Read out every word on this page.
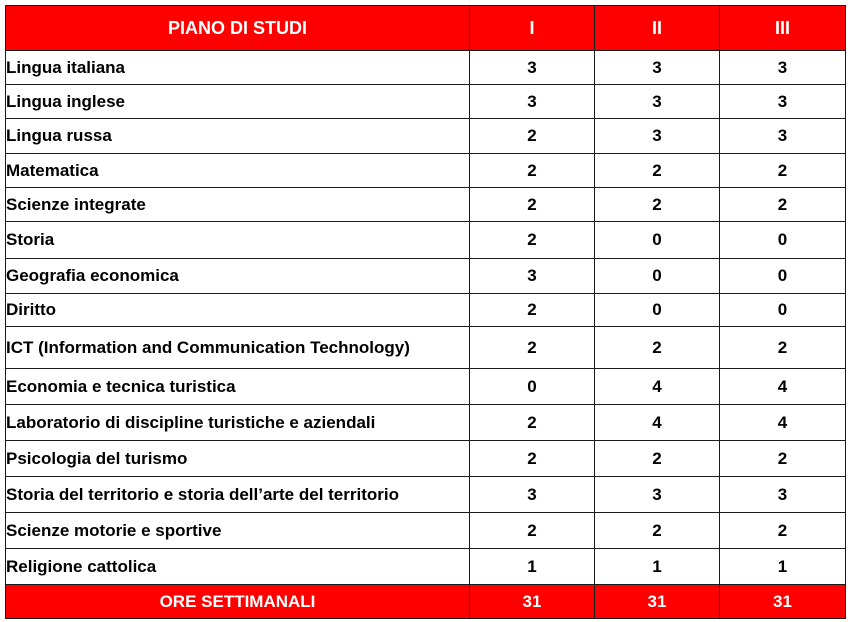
PIANO DI STUDI	I	II	III
Lingua italiana	3	3	3
Lingua inglese	3	3	3
Lingua russa	2	3	3
Matematica	2	2	2
Scienze integrate	2	2	2
Storia	2	0	0
Geografia economica	3	0	0
Diritto	2	0	0
ICT (Information and Communication Technology)	2	2	2
Economia e tecnica turistica	0	4	4
Laboratorio di discipline turistiche e aziendali	2	4	4
Psicologia del turismo	2	2	2
Storia del territorio e storia dell’arte del territorio	3	3	3
Scienze motorie e sportive	2	2	2
Religione cattolica	1	1	1
ORE SETTIMANALI	31	31	31
